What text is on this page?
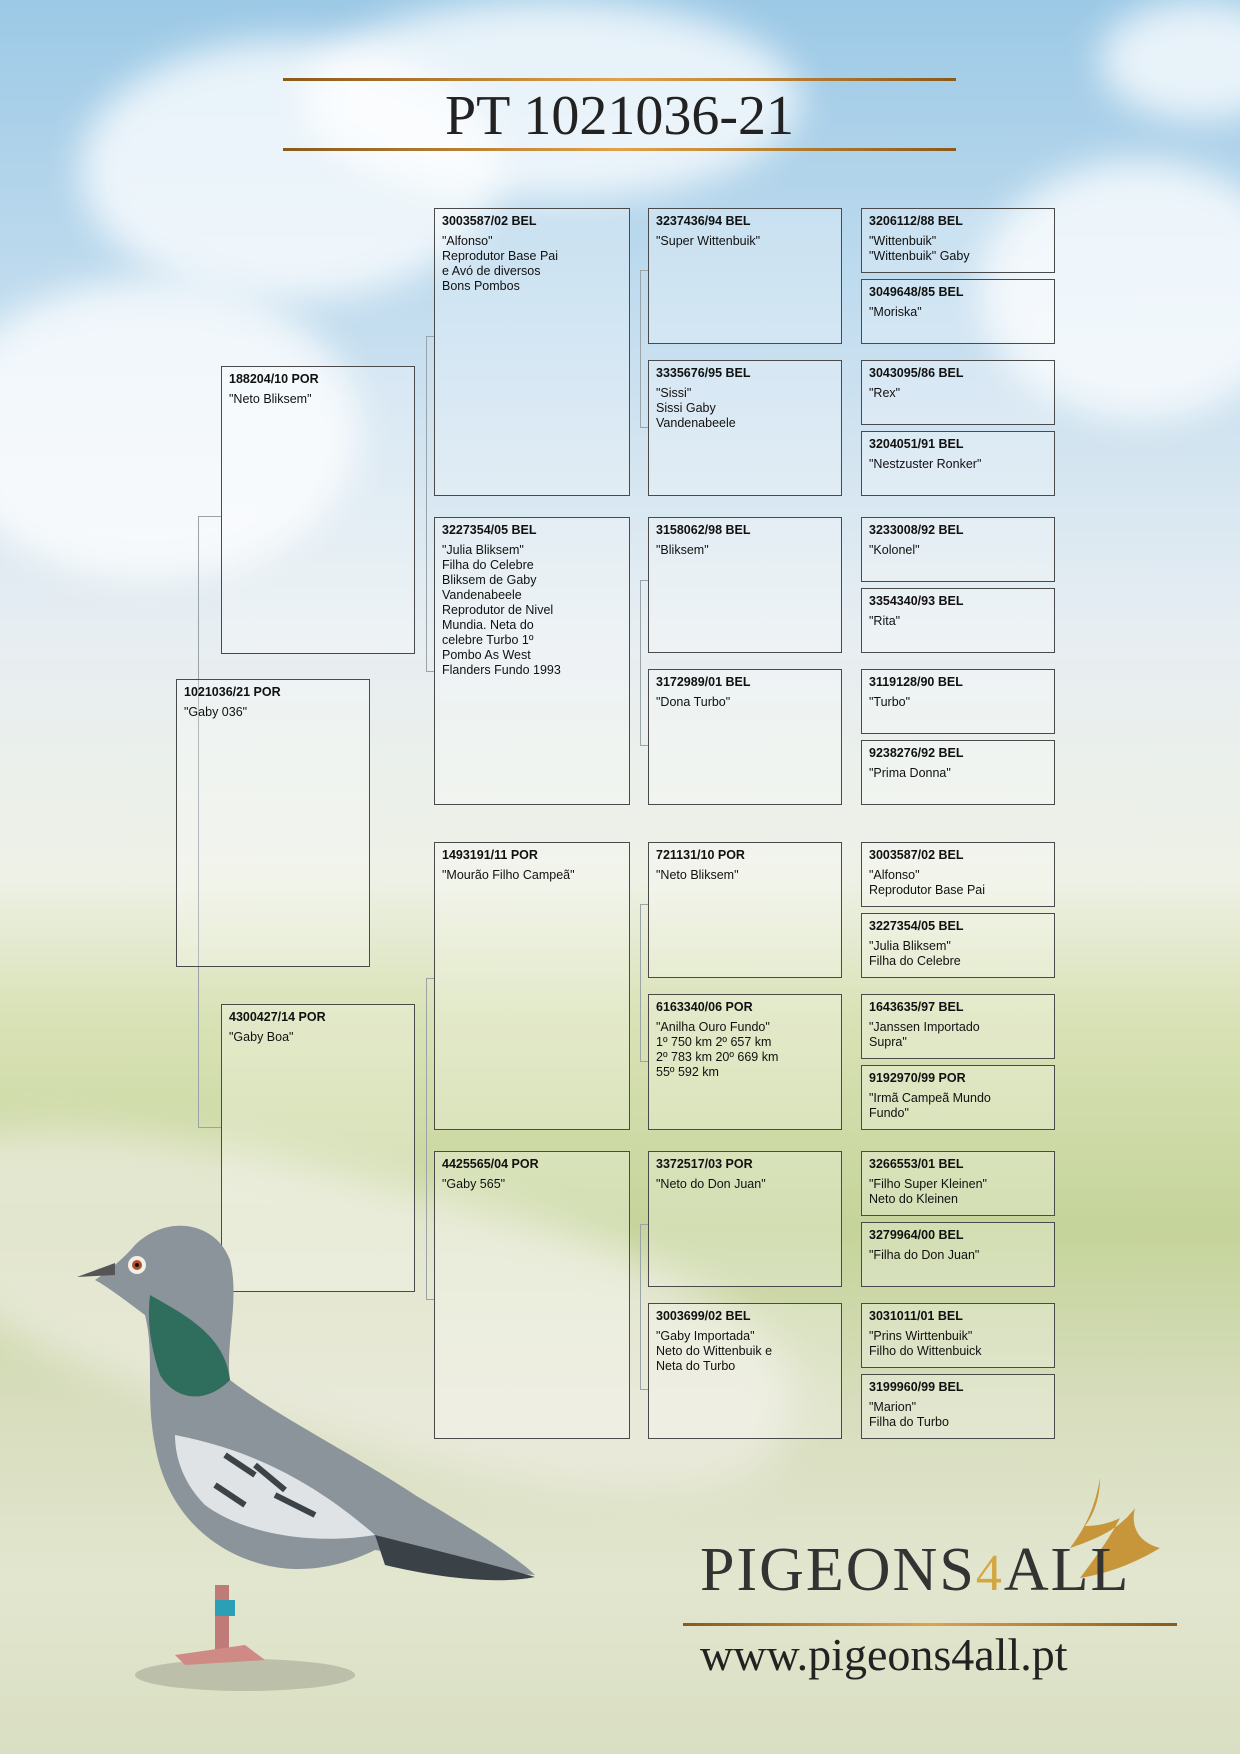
PT 1021036-21
1021036/21 POR
"Gaby 036"
188204/10 POR
"Neto Bliksem"
4300427/14 POR
"Gaby Boa"
3003587/02 BEL
"Alfonso"
Reprodutor Base Pai
e Avó de diversos
Bons Pombos
3227354/05 BEL
"Julia Bliksem"
Filha do Celebre
Bliksem de Gaby
Vandenabeele
Reprodutor de Nivel
Mundia. Neta do
celebre Turbo 1º
Pombo As West
Flanders Fundo 1993
1493191/11 POR
"Mourão Filho Campeã"
4425565/04 POR
"Gaby 565"
3237436/94 BEL
"Super Wittenbuik"
3335676/95 BEL
"Sissi"
Sissi Gaby
Vandenabeele
3158062/98 BEL
"Bliksem"
3172989/01 BEL
"Dona Turbo"
721131/10 POR
"Neto Bliksem"
6163340/06 POR
"Anilha Ouro Fundo"
1º 750 km 2º 657 km
2º 783 km 20º 669 km
55º 592 km
3372517/03 POR
"Neto do Don Juan"
3003699/02 BEL
"Gaby Importada"
Neto do Wittenbuik e
Neta do Turbo
3206112/88 BEL
"Wittenbuik"
"Wittenbuik" Gaby
3049648/85 BEL
"Moriska"
3043095/86 BEL
"Rex"
3204051/91 BEL
"Nestzuster Ronker"
3233008/92 BEL
"Kolonel"
3354340/93 BEL
"Rita"
3119128/90 BEL
"Turbo"
9238276/92 BEL
"Prima Donna"
3003587/02 BEL
"Alfonso"
Reprodutor Base Pai
3227354/05 BEL
"Julia Bliksem"
Filha do Celebre
1643635/97 BEL
"Janssen Importado
Supra"
9192970/99 POR
"Irmã Campeã Mundo
Fundo"
3266553/01 BEL
"Filho Super Kleinen"
Neto do Kleinen
3279964/00 BEL
"Filha do Don Juan"
3031011/01 BEL
"Prins Wirttenbuik"
Filho do Wittenbuick
3199960/99 BEL
"Marion"
Filha do Turbo
PIGEONS4ALL
www.pigeons4all.pt
